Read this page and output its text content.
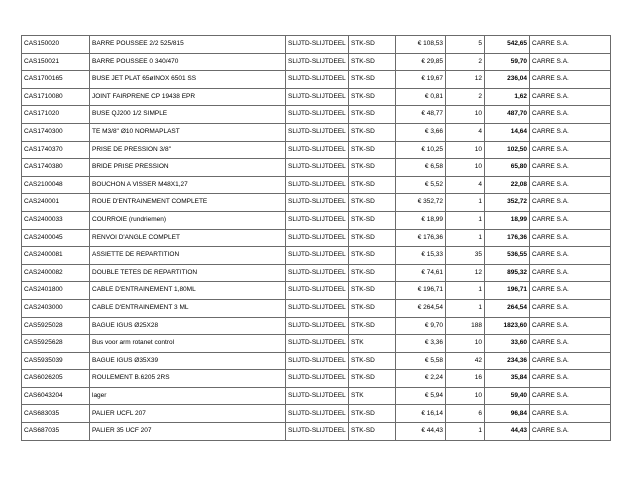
CAS150020	BARRE POUSSEE 2/2 525/815	SLIJTD-SLIJTDEEL	STK-SD	€ 108,53	5	542,65	CARRE S.A.
CAS150021	BARRE POUSSEE 0 340/470	SLIJTD-SLIJTDEEL	STK-SD	€ 29,85	2	59,70	CARRE S.A.
CAS1700165	BUSE JET PLAT 65øINOX 6501 SS	SLIJTD-SLIJTDEEL	STK-SD	€ 19,67	12	236,04	CARRE S.A.
CAS1710080	JOINT FAIRPRENE CP 19438 EPR	SLIJTD-SLIJTDEEL	STK-SD	€ 0,81	2	1,62	CARRE S.A.
CAS171020	BUSE QJ200 1/2 SIMPLE	SLIJTD-SLIJTDEEL	STK-SD	€ 48,77	10	487,70	CARRE S.A.
CAS1740300	TE M3/8'' Ø10 NORMAPLAST	SLIJTD-SLIJTDEEL	STK-SD	€ 3,66	4	14,64	CARRE S.A.
CAS1740370	PRISE DE PRESSION 3/8''	SLIJTD-SLIJTDEEL	STK-SD	€ 10,25	10	102,50	CARRE S.A.
CAS1740380	BRIDE PRISE PRESSION	SLIJTD-SLIJTDEEL	STK-SD	€ 6,58	10	65,80	CARRE S.A.
CAS2100048	BOUCHON A VISSER M48X1,27	SLIJTD-SLIJTDEEL	STK-SD	€ 5,52	4	22,08	CARRE S.A.
CAS240001	ROUE D'ENTRAINEMENT COMPLETE	SLIJTD-SLIJTDEEL	STK-SD	€ 352,72	1	352,72	CARRE S.A.
CAS2400033	COURROIE (rundriemen)	SLIJTD-SLIJTDEEL	STK-SD	€ 18,99	1	18,99	CARRE S.A.
CAS2400045	RENVOI D'ANGLE COMPLET	SLIJTD-SLIJTDEEL	STK-SD	€ 176,36	1	176,36	CARRE S.A.
CAS2400081	ASSIETTE DE REPARTITION	SLIJTD-SLIJTDEEL	STK-SD	€ 15,33	35	536,55	CARRE S.A.
CAS2400082	DOUBLE TETES DE REPARTITION	SLIJTD-SLIJTDEEL	STK-SD	€ 74,61	12	895,32	CARRE S.A.
CAS2401800	CABLE D'ENTRAINEMENT 1,80ML	SLIJTD-SLIJTDEEL	STK-SD	€ 196,71	1	196,71	CARRE S.A.
CAS2403000	CABLE D'ENTRAINEMENT 3 ML	SLIJTD-SLIJTDEEL	STK-SD	€ 264,54	1	264,54	CARRE S.A.
CAS5925028	BAGUE IGUS Ø25X28	SLIJTD-SLIJTDEEL	STK-SD	€ 9,70	188	1823,60	CARRE S.A.
CAS5925628	Bus voor arm rotanet control	SLIJTD-SLIJTDEEL	STK	€ 3,36	10	33,60	CARRE S.A.
CAS5935039	BAGUE IGUS Ø35X39	SLIJTD-SLIJTDEEL	STK-SD	€ 5,58	42	234,36	CARRE S.A.
CAS6026205	ROULEMENT B.6205 2RS	SLIJTD-SLIJTDEEL	STK-SD	€ 2,24	16	35,84	CARRE S.A.
CAS6043204	lager	SLIJTD-SLIJTDEEL	STK	€ 5,94	10	59,40	CARRE S.A.
CAS683035	PALIER UCFL 207	SLIJTD-SLIJTDEEL	STK-SD	€ 16,14	6	96,84	CARRE S.A.
CAS687035	PALIER 35 UCF 207	SLIJTD-SLIJTDEEL	STK-SD	€ 44,43	1	44,43	CARRE S.A.
